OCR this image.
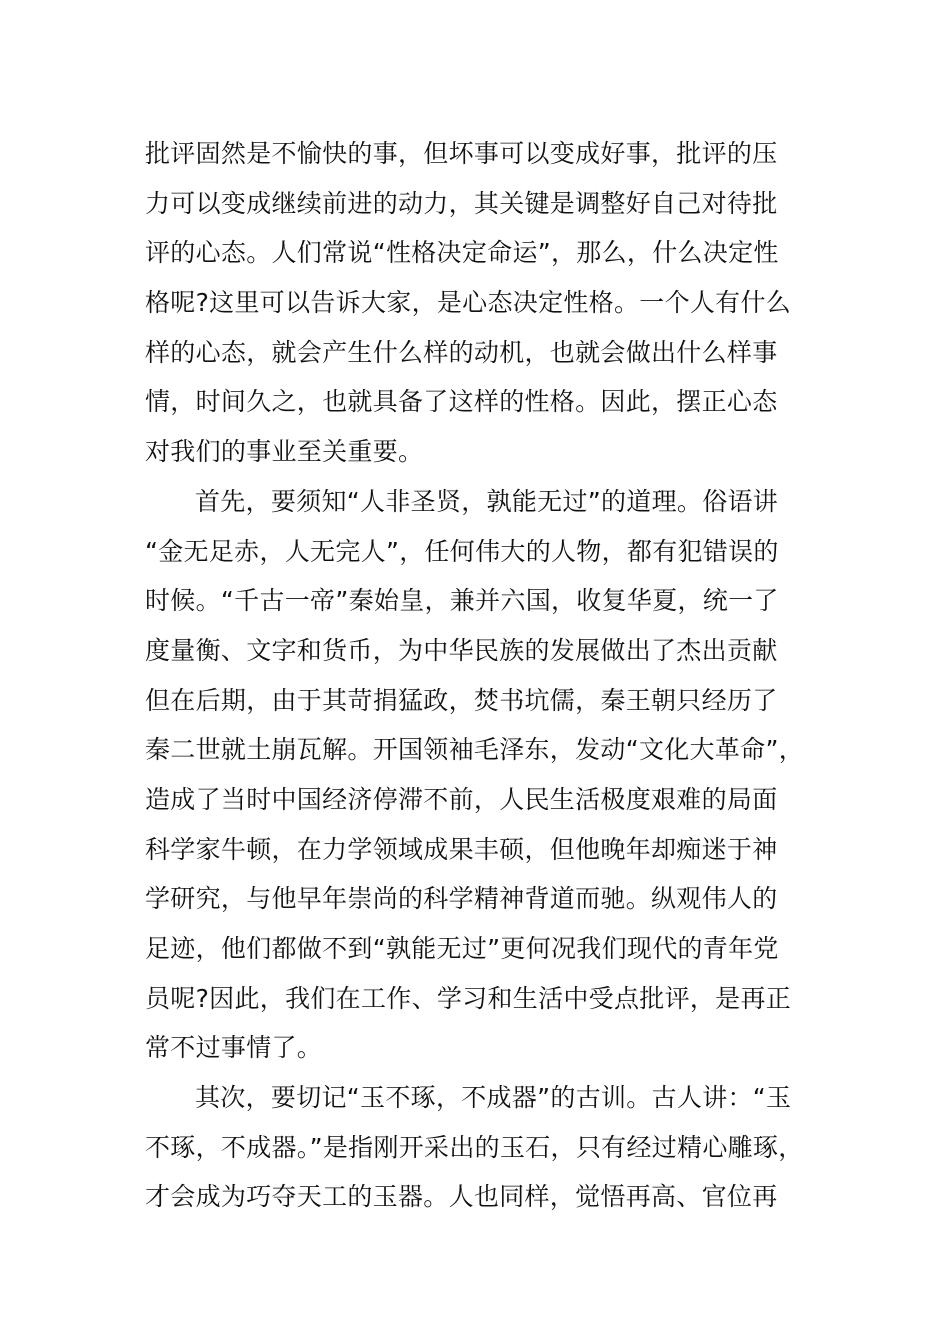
批评固然是不愉快的事，但坏事可以变成好事，批评的压
力可以变成继续前进的动力，其关键是调整好自己对待批
评的心态。人们常说“性格决定命运”，那么，什么决定性
格呢?这里可以告诉大家，是心态决定性格。一个人有什么
样的心态，就会产生什么样的动机，也就会做出什么样事
情，时间久之，也就具备了这样的性格。因此，摆正心态
对我们的事业至关重要。
首先，要须知“人非圣贤，孰能无过”的道理。俗语讲
“金无足赤，人无完人”，任何伟大的人物，都有犯错误的
时候。“千古一帝”秦始皇，兼并六国，收复华夏，统一了
度量衡、文字和货币，为中华民族的发展做出了杰出贡献
但在后期，由于其苛捐猛政，焚书坑儒，秦王朝只经历了
秦二世就土崩瓦解。开国领袖毛泽东，发动“文化大革命”，
造成了当时中国经济停滞不前，人民生活极度艰难的局面
科学家牛顿，在力学领域成果丰硕，但他晚年却痴迷于神
学研究，与他早年崇尚的科学精神背道而驰。纵观伟人的
足迹，他们都做不到“孰能无过”更何况我们现代的青年党
员呢?因此，我们在工作、学习和生活中受点批评，是再正
常不过事情了。
其次，要切记“玉不琢，不成器”的古训。古人讲：“玉
不琢，不成器。”是指刚开采出的玉石，只有经过精心雕琢，
才会成为巧夺天工的玉器。人也同样，觉悟再高、官位再
